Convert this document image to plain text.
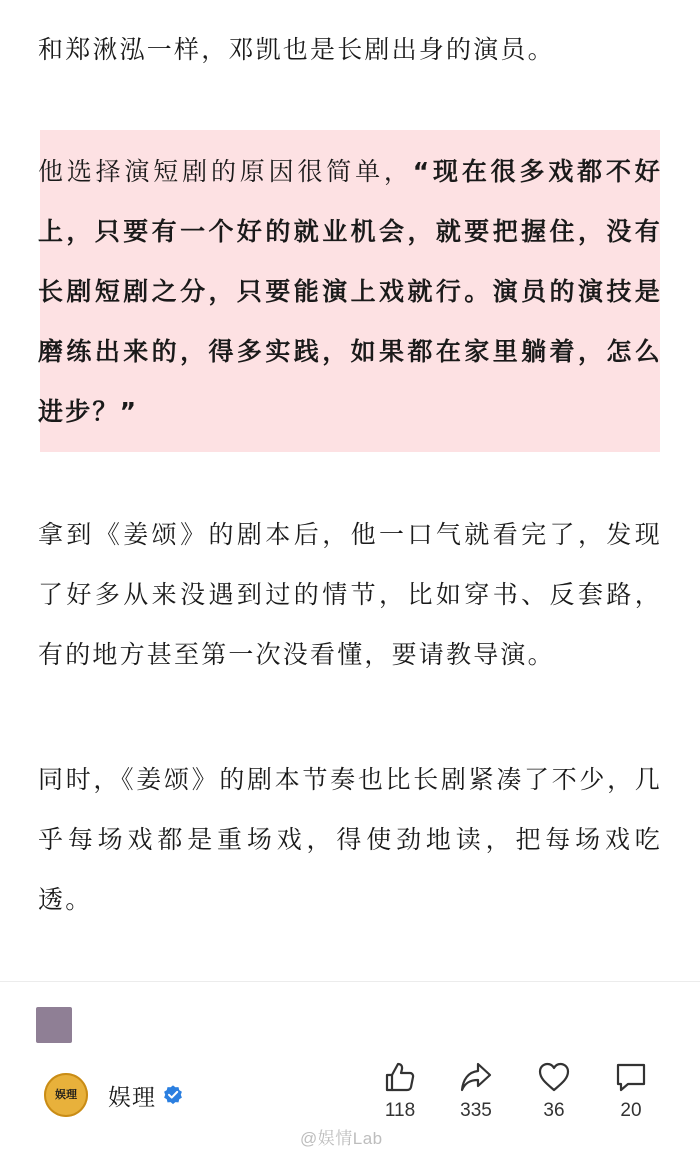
和郑湫泓一样，邓凯也是长剧出身的演员。

他选择演短剧的原因很简单，“现在很多戏都不好上，只要有一个好的就业机会，就要把握住，没有长剧短剧之分，只要能演上戏就行。演员的演技是磨练出来的，得多实践，如果都在家里躺着，怎么进步？”

拿到《姜颂》的剧本后，他一口气就看完了，发现了好多从来没遇到过的情节，比如穿书、反套路，有的地方甚至第一次没看懂，要请教导演。

同时，《姜颂》的剧本节奏也比长剧紧凑了不少，几乎每场戏都是重场戏，得使劲地读，把每场戏吃透。

娱理 娱理	118 335	36	20
@娱情Lab
